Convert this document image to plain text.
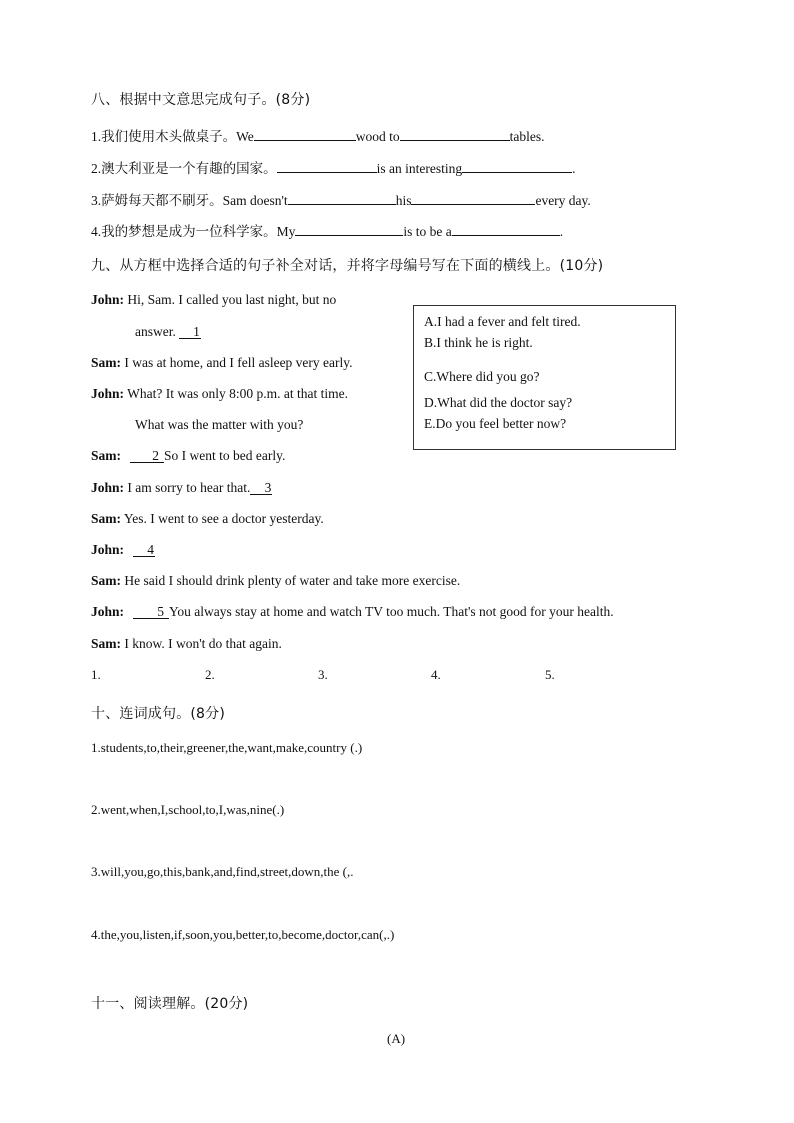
八、根据中文意思完成句子。(8分)
1.我们使用木头做桌子。We	wood to	tables.
2.澳大利亚是一个有趣的国家。	is an interesting	.
3.萨姆每天都不刷牙。Sam doesn't	his	every day.
4.我的梦想是成为一位科学家。My	is to be a	.
九、从方框中选择合适的句子补全对话，并将字母编号写在下面的横线上。(10分)
A.I had a fever and felt tired.
B.I think he is right.
C.Where did you go?
D.What did the doctor say?
E.Do you feel better now?
John: Hi, Sam. I called you last night, but no
answer. 1
Sam: I was at home, and I fell asleep very early.
John: What? It was only 8:00 p.m. at that time.
What was the matter with you?
Sam: 2 So I went to bed early.
John: I am sorry to hear that. 3
Sam: Yes. I went to see a doctor yesterday.
John: 4
Sam: He said I should drink plenty of water and take more exercise.
John: 5 You always stay at home and watch TV too much. That's not good for your health.
Sam: I know. I won't do that again.
1.	2.	3.	4.	5.
十、连词成句。(8分)
1.students,to,their,greener,the,want,make,country (.)
2.went,when,I,school,to,I,was,nine(.)
3.will,you,go,this,bank,and,find,street,down,the (,.
4.the,you,listen,if,soon,you,better,to,become,doctor,can(,.)
十一、阅读理解。(20分)
(A)
